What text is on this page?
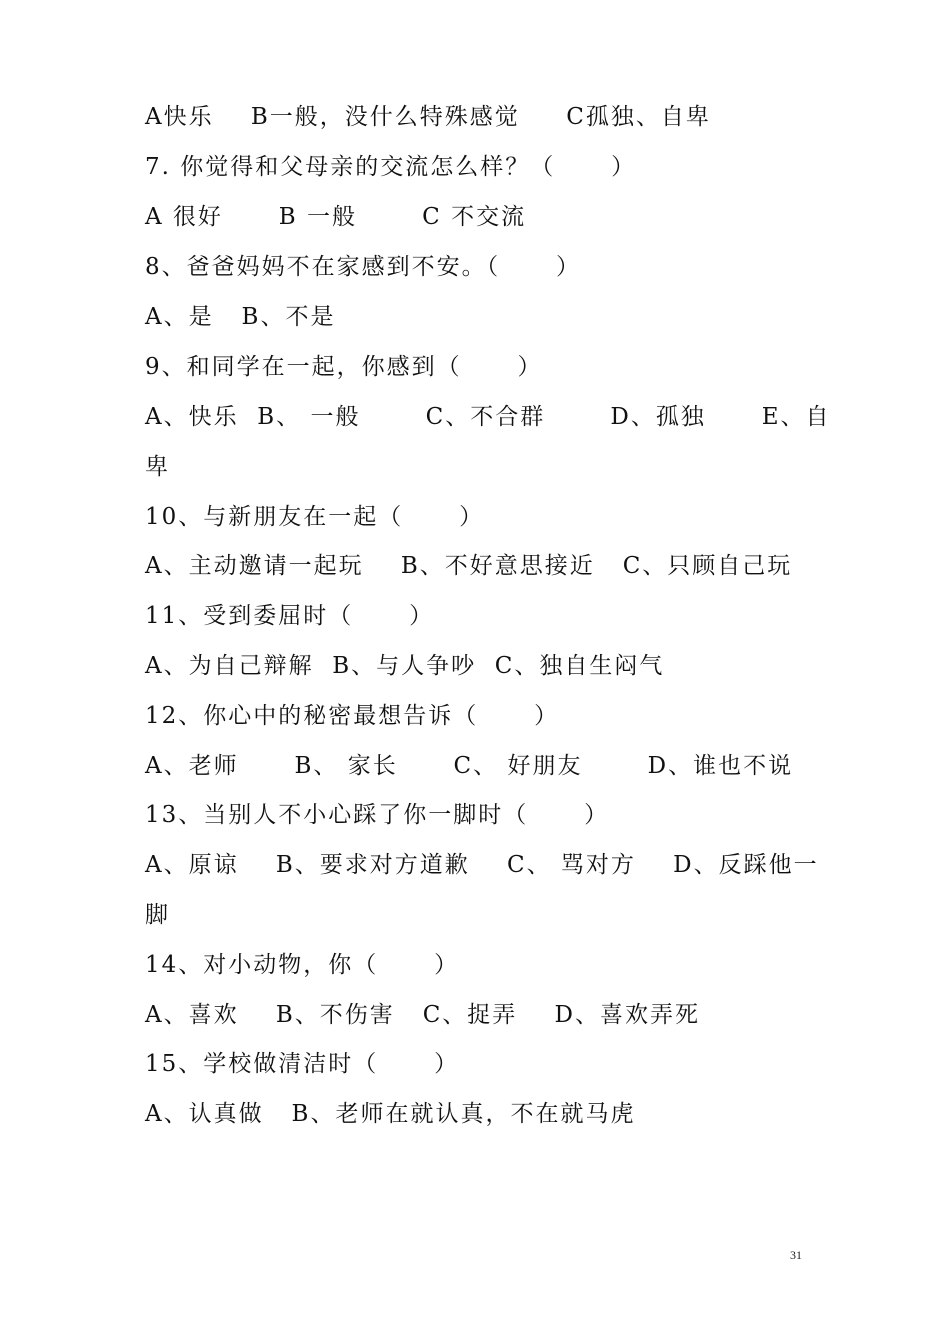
A快乐    B一般，没什么特殊感觉     C孤独、自卑
7. 你觉得和父母亲的交流怎么样？（      ）
A 很好      B 一般       C 不交流
8、爸爸妈妈不在家感到不安。（      ）
A、是   B、不是
9、和同学在一起，你感到（      ）
A、快乐  B、 一般       C、不合群       D、孤独      E、自
卑
10、与新朋友在一起（      ）
A、主动邀请一起玩    B、不好意思接近   C、只顾自己玩
11、受到委屈时（      ）
A、为自己辩解  B、与人争吵  C、独自生闷气
12、你心中的秘密最想告诉（      ）
A、老师      B、 家长      C、 好朋友       D、谁也不说
13、当别人不小心踩了你一脚时（      ）
A、原谅    B、要求对方道歉    C、 骂对方    D、反踩他一
脚
14、对小动物，你（      ）
A、喜欢    B、不伤害   C、捉弄    D、喜欢弄死
15、学校做清洁时（      ）
A、认真做   B、老师在就认真，不在就马虎
31
